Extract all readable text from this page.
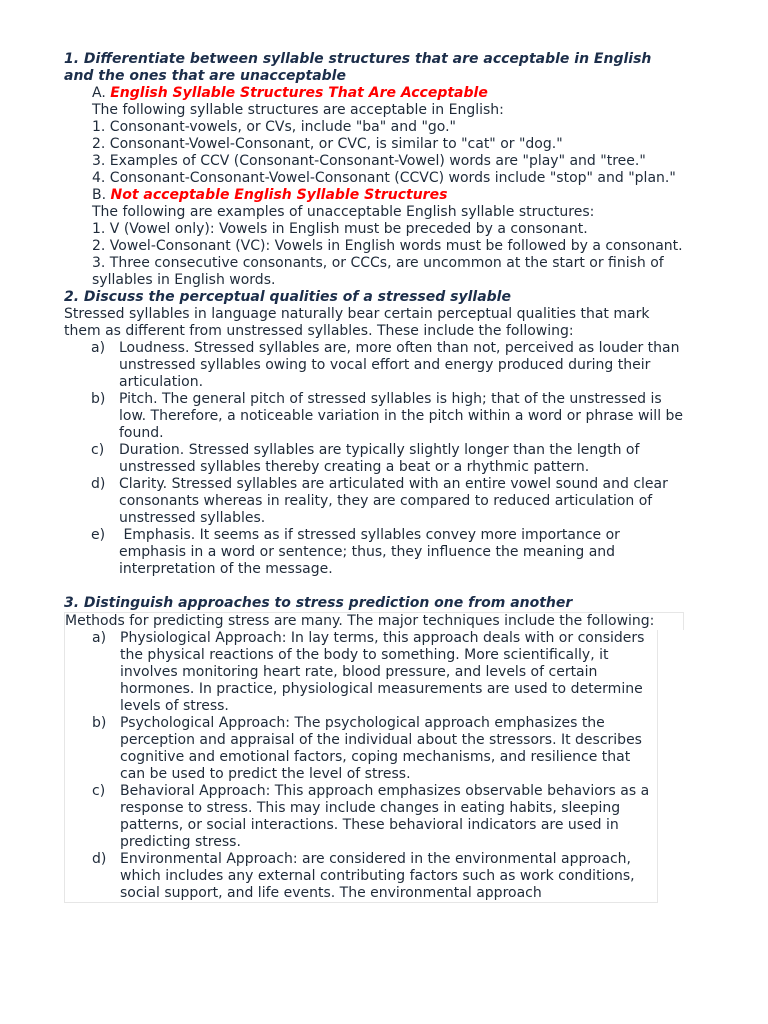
1. Differentiate between syllable structures that are acceptable in English and the ones that are unacceptable

A. English Syllable Structures That Are Acceptable

The following syllable structures are acceptable in English:

1. Consonant-vowels, or CVs, include "ba" and "go."

2. Consonant-Vowel-Consonant, or CVC, is similar to "cat" or "dog."

3. Examples of CCV (Consonant-Consonant-Vowel) words are "play" and "tree."

4. Consonant-Consonant-Vowel-Consonant (CCVC) words include "stop" and "plan."

B. Not acceptable English Syllable Structures

The following are examples of unacceptable English syllable structures:

1. V (Vowel only): Vowels in English must be preceded by a consonant.

2. Vowel-Consonant (VC): Vowels in English words must be followed by a consonant.

3. Three consecutive consonants, or CCCs, are uncommon at the start or finish of syllables in English words.

2. Discuss the perceptual qualities of a stressed syllable

Stressed syllables in language naturally bear certain perceptual qualities that mark them as different from unstressed syllables. These include the following:

a) Loudness. Stressed syllables are, more often than not, perceived as louder than unstressed syllables owing to vocal effort and energy produced during their articulation.
b) Pitch. The general pitch of stressed syllables is high; that of the unstressed is low. Therefore, a noticeable variation in the pitch within a word or phrase will be found.
c) Duration. Stressed syllables are typically slightly longer than the length of unstressed syllables thereby creating a beat or a rhythmic pattern.
d) Clarity. Stressed syllables are articulated with an entire vowel sound and clear consonants whereas in reality, they are compared to reduced articulation of unstressed syllables.
e) Emphasis. It seems as if stressed syllables convey more importance or emphasis in a word or sentence; thus, they influence the meaning and interpretation of the message.

3. Distinguish approaches to stress prediction one from another

Methods for predicting stress are many. The major techniques include the following:

a) Physiological Approach: In lay terms, this approach deals with or considers the physical reactions of the body to something. More scientifically, it involves monitoring heart rate, blood pressure, and levels of certain hormones. In practice, physiological measurements are used to determine levels of stress.
b) Psychological Approach: The psychological approach emphasizes the perception and appraisal of the individual about the stressors. It describes cognitive and emotional factors, coping mechanisms, and resilience that can be used to predict the level of stress.
c) Behavioral Approach: This approach emphasizes observable behaviors as a response to stress. This may include changes in eating habits, sleeping patterns, or social interactions. These behavioral indicators are used in predicting stress.
d) Environmental Approach: are considered in the environmental approach, which includes any external contributing factors such as work conditions, social support, and life events. The environmental approach
